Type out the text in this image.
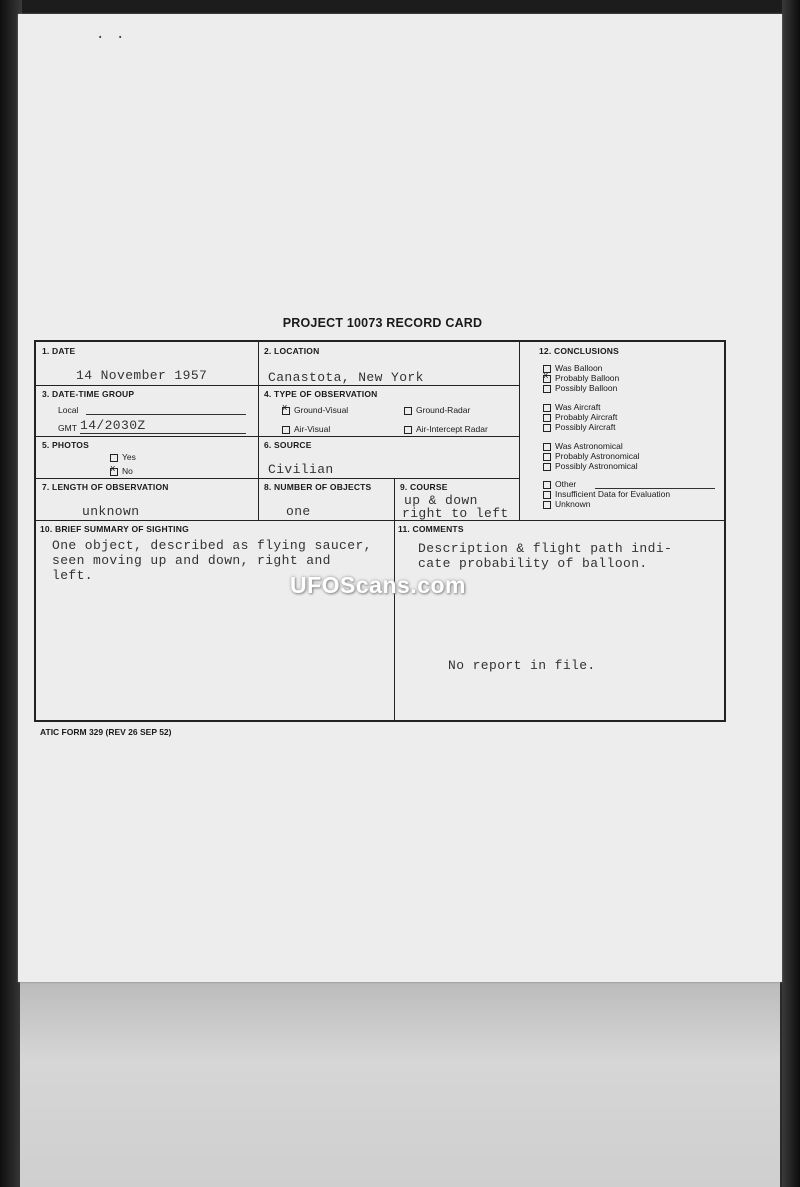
· ·
PROJECT 10073 RECORD CARD
1. DATE
14 November 1957
2. LOCATION
Canastota, New York
3. DATE-TIME GROUP
Local
GMT 14/2030Z
4. TYPE OF OBSERVATION
xGround-Visual	Ground-Radar
Air-Visual	Air-Intercept Radar
5. PHOTOS
Yes
xNo
6. SOURCE
Civilian
7. LENGTH OF OBSERVATION
unknown
8. NUMBER OF OBJECTS
one
9. COURSE
up & down
right to left
10. BRIEF SUMMARY OF SIGHTING
One object, described as flying saucer,
seen moving up and down, right and
left.
11. COMMENTS
Description & flight path indi-
cate probability of balloon.
No report in file.
12. CONCLUSIONS
Was Balloon
xProbably Balloon
Possibly Balloon
Was Aircraft
Probably Aircraft
Possibly Aircraft
Was Astronomical
Probably Astronomical
Possibly Astronomical
Other
Insufficient Data for Evaluation
Unknown
UFOScans.com
ATIC FORM 329 (REV 26 SEP 52)
